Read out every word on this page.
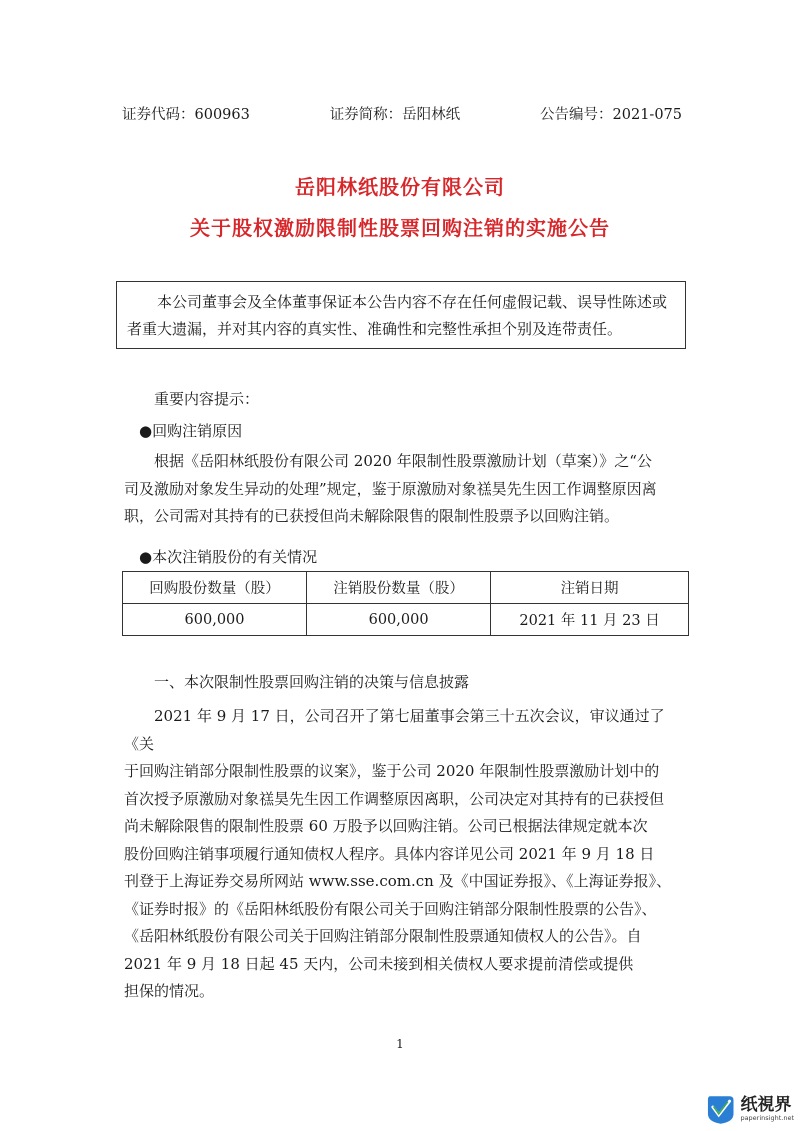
证券代码：600963	证券简称：岳阳林纸	公告编号：2021-075
岳阳林纸股份有限公司
关于股权激励限制性股票回购注销的实施公告
本公司董事会及全体董事保证本公告内容不存在任何虚假记载、误导性陈述或
者重大遗漏，并对其内容的真实性、准确性和完整性承担个别及连带责任。
重要内容提示：
●回购注销原因
根据《岳阳林纸股份有限公司 2020 年限制性股票激励计划（草案）》之“公
司及激励对象发生异动的处理”规定，鉴于原激励对象禚昊先生因工作调整原因离
职，公司需对其持有的已获授但尚未解除限售的限制性股票予以回购注销。
●本次注销股份的有关情况
回购股份数量（股）	注销股份数量（股）	注销日期
600,000	600,000	2021 年 11 月 23 日
一、本次限制性股票回购注销的决策与信息披露
2021 年 9 月 17 日，公司召开了第七届董事会第三十五次会议，审议通过了《关
于回购注销部分限制性股票的议案》，鉴于公司 2020 年限制性股票激励计划中的
首次授予原激励对象禚昊先生因工作调整原因离职，公司决定对其持有的已获授但
尚未解除限售的限制性股票 60 万股予以回购注销。公司已根据法律规定就本次
股份回购注销事项履行通知债权人程序。具体内容详见公司 2021 年 9 月 18 日
刊登于上海证券交易所网站 www.sse.com.cn 及《中国证券报》、《上海证券报》、
《证券时报》的《岳阳林纸股份有限公司关于回购注销部分限制性股票的公告》、
《岳阳林纸股份有限公司关于回购注销部分限制性股票通知债权人的公告》。自
2021 年 9 月 18 日起 45 天内，公司未接到相关债权人要求提前清偿或提供
担保的情况。
1
纸視界
paperinsight.net
